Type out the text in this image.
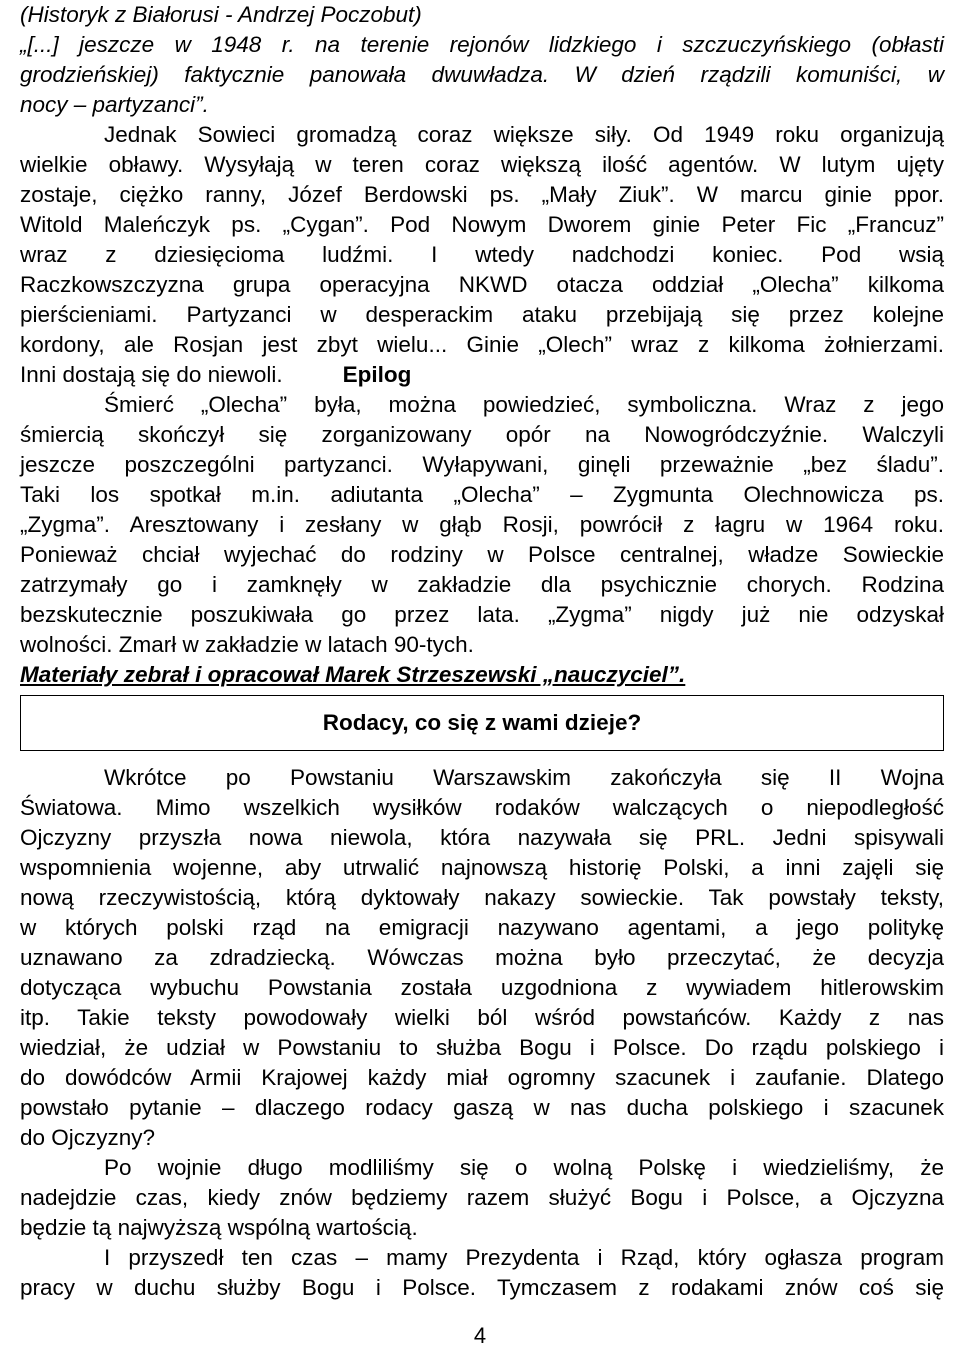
(Historyk z Białorusi - Andrzej Poczobut)
„[...] jeszcze w 1948 r. na terenie rejonów lidzkiego i szczuczyńskiego (obłasti
grodzieńskiej) faktycznie panowała dwuwładza. W dzień rządzili komuniści, w
nocy – partyzanci”.
Jednak Sowieci gromadzą coraz większe siły. Od 1949 roku organizują
wielkie obławy. Wysyłają w teren coraz większą ilość agentów. W lutym ujęty
zostaje, ciężko ranny, Józef Berdowski ps. „Mały Ziuk”. W marcu ginie ppor.
Witold Maleńczyk ps. „Cygan”. Pod Nowym Dworem ginie Peter Fic „Francuz”
wraz z dziesięcioma ludźmi. I wtedy nadchodzi koniec. Pod wsią
Raczkowszczyzna grupa operacyjna NKWD otacza oddział „Olecha” kilkoma
pierścieniami. Partyzanci w desperackim ataku przebijają się przez kolejne
kordony, ale Rosjan jest zbyt wielu... Ginie „Olech” wraz z kilkoma żołnierzami.
Inni dostają się do niewoli.	Epilog
Śmierć „Olecha” była, można powiedzieć, symboliczna. Wraz z jego
śmiercią skończył się zorganizowany opór na Nowogródczyźnie. Walczyli
jeszcze poszczególni partyzanci. Wyłapywani, ginęli przeważnie „bez śladu”.
Taki los spotkał m.in. adiutanta „Olecha” – Zygmunta Olechnowicza ps.
„Zygma”. Aresztowany i zesłany w głąb Rosji, powrócił z łagru w 1964 roku.
Ponieważ chciał wyjechać do rodziny w Polsce centralnej, władze Sowieckie
zatrzymały go i zamknęły w zakładzie dla psychicznie chorych. Rodzina
bezskutecznie poszukiwała go przez lata. „Zygma” nigdy już nie odzyskał
wolności. Zmarł w zakładzie w latach 90-tych.
Materiały zebrał i opracował Marek Strzeszewski „nauczyciel”.
Rodacy, co się z wami dzieje?
Wkrótce po Powstaniu Warszawskim zakończyła się II Wojna
Światowa. Mimo wszelkich wysiłków rodaków walczących o niepodległość
Ojczyzny przyszła nowa niewola, która nazywała się PRL. Jedni spisywali
wspomnienia wojenne, aby utrwalić najnowszą historię Polski, a inni zajęli się
nową rzeczywistością, którą dyktowały nakazy sowieckie. Tak powstały teksty,
w których polski rząd na emigracji nazywano agentami, a jego politykę
uznawano za zdradziecką. Wówczas można było przeczytać, że decyzja
dotycząca wybuchu Powstania została uzgodniona z wywiadem hitlerowskim
itp. Takie teksty powodowały wielki ból wśród powstańców. Każdy z nas
wiedział, że udział w Powstaniu to służba Bogu i Polsce. Do rządu polskiego i
do dowódców Armii Krajowej każdy miał ogromny szacunek i zaufanie. Dlatego
powstało pytanie – dlaczego rodacy gaszą w nas ducha polskiego i szacunek
do Ojczyzny?
Po wojnie długo modliliśmy się o wolną Polskę i wiedzieliśmy, że
nadejdzie czas, kiedy znów będziemy razem służyć Bogu i Polsce, a Ojczyzna
będzie tą najwyższą wspólną wartością.
I przyszedł ten czas – mamy Prezydenta i Rząd, który ogłasza program
pracy w duchu służby Bogu i Polsce. Tymczasem z rodakami znów coś się
4
